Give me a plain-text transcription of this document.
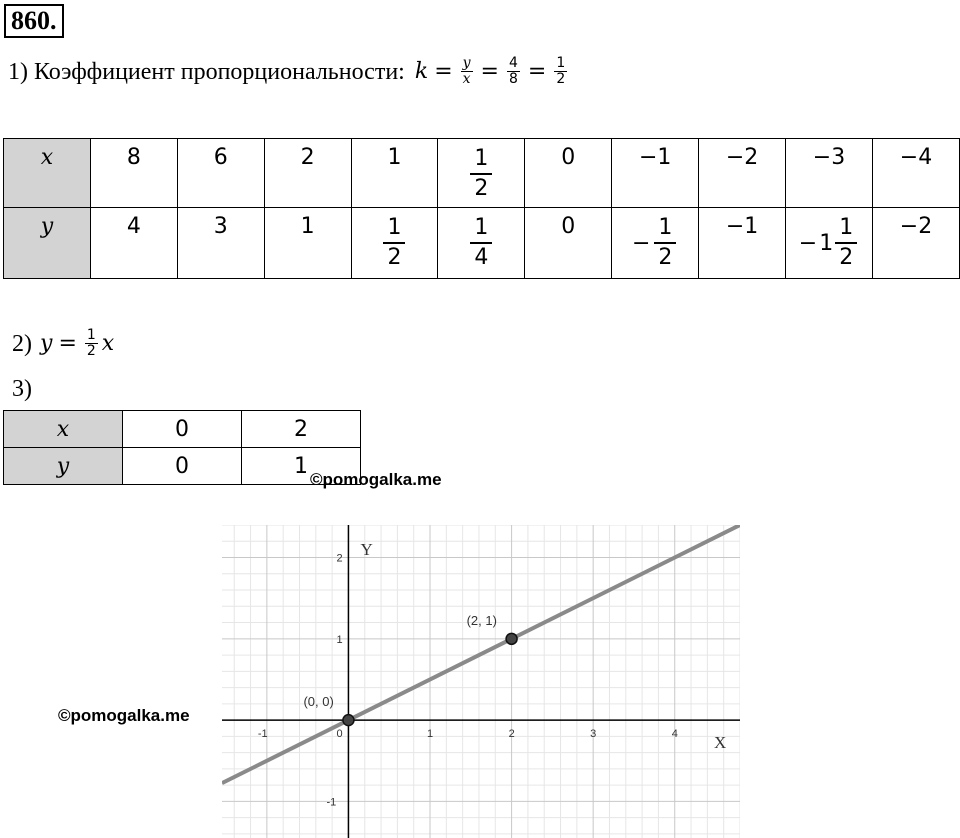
860.
1) Коэффициент пропорциональности: $k = \frac{y}{x} = \frac{4}{8} = \frac{1}{2}$
x	8	6	2	1	$\frac{1}{2}$	0	−1	−2	−3	−4
y	4	3	1	$\frac{1}{2}$	$\frac{1}{4}$	0	− $\frac{1}{2}$	−1	− $1 \frac{1}{2}$	−2
2) $y = \frac{1}{2}$ x
3)
x	0	2
y	0	1
©pomogalka.me
©pomogalka.me
-1	0	1	2	3	4
-1
1
2
(0, 0)
(2, 1)
X
Y
